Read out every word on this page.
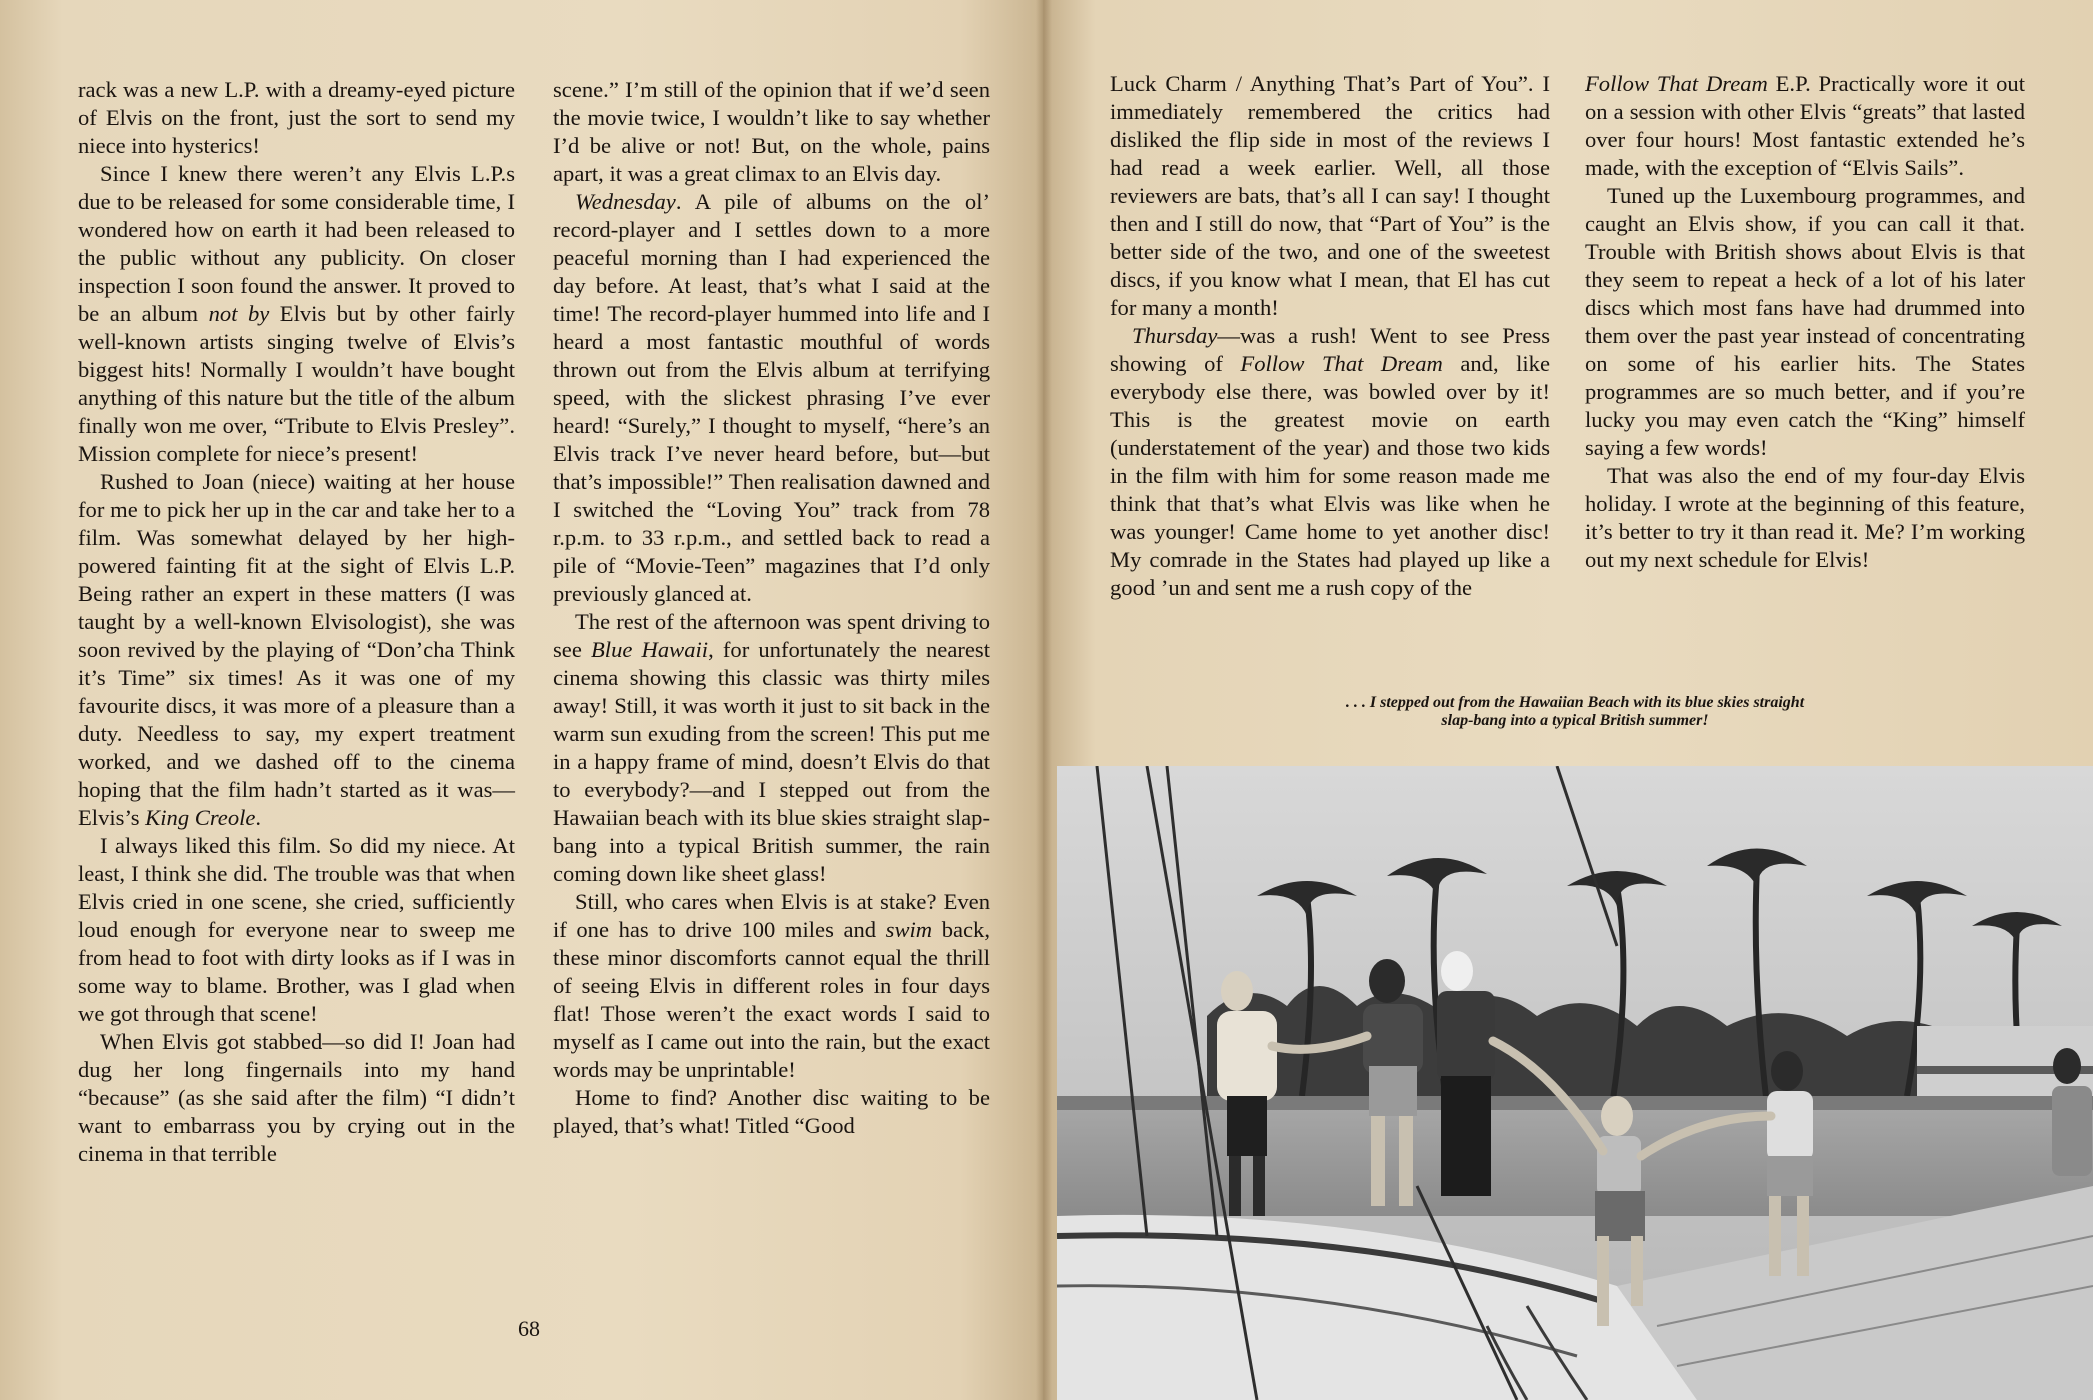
rack was a new L.P. with a dreamy-eyed picture of Elvis on the front, just the sort to send my niece into hysterics!

Since I knew there weren’t any Elvis L.P.s due to be released for some considerable time, I wondered how on earth it had been released to the public without any publicity. On closer inspection I soon found the answer. It proved to be an album not by Elvis but by other fairly well-known artists singing twelve of Elvis’s biggest hits! Normally I wouldn’t have bought anything of this nature but the title of the album finally won me over, “Tribute to Elvis Presley”. Mission complete for niece’s present!

Rushed to Joan (niece) waiting at her house for me to pick her up in the car and take her to a film. Was somewhat delayed by her high-powered fainting fit at the sight of Elvis L.P. Being rather an expert in these matters (I was taught by a well-known Elvisologist), she was soon revived by the playing of “Don’cha Think it’s Time” six times! As it was one of my favourite discs, it was more of a pleasure than a duty. Needless to say, my expert treatment worked, and we dashed off to the cinema hoping that the film hadn’t started as it was—Elvis’s King Creole.

I always liked this film. So did my niece. At least, I think she did. The trouble was that when Elvis cried in one scene, she cried, sufficiently loud enough for everyone near to sweep me from head to foot with dirty looks as if I was in some way to blame. Brother, was I glad when we got through that scene!

When Elvis got stabbed—so did I! Joan had dug her long fingernails into my hand “because” (as she said after the film) “I didn’t want to embarrass you by crying out in the cinema in that terrible

scene.” I’m still of the opinion that if we’d seen the movie twice, I wouldn’t like to say whether I’d be alive or not! But, on the whole, pains apart, it was a great climax to an Elvis day.

Wednesday. A pile of albums on the ol’ record-player and I settles down to a more peaceful morning than I had experienced the day before. At least, that’s what I said at the time! The record-player hummed into life and I heard a most fantastic mouthful of words thrown out from the Elvis album at terrifying speed, with the slickest phrasing I’ve ever heard! “Surely,” I thought to myself, “here’s an Elvis track I’ve never heard before, but—but that’s impossible!” Then realisation dawned and I switched the “Loving You” track from 78 r.p.m. to 33 r.p.m., and settled back to read a pile of “Movie-Teen” magazines that I’d only previously glanced at.

The rest of the afternoon was spent driving to see Blue Hawaii, for unfortunately the nearest cinema showing this classic was thirty miles away! Still, it was worth it just to sit back in the warm sun exuding from the screen! This put me in a happy frame of mind, doesn’t Elvis do that to everybody?—and I stepped out from the Hawaiian beach with its blue skies straight slap-bang into a typical British summer, the rain coming down like sheet glass!

Still, who cares when Elvis is at stake? Even if one has to drive 100 miles and swim back, these minor discomforts cannot equal the thrill of seeing Elvis in different roles in four days flat! Those weren’t the exact words I said to myself as I came out into the rain, but the exact words may be unprintable!

Home to find? Another disc waiting to be played, that’s what! Titled “Good

68

Luck Charm / Anything That’s Part of You”. I immediately remembered the critics had disliked the flip side in most of the reviews I had read a week earlier. Well, all those reviewers are bats, that’s all I can say! I thought then and I still do now, that “Part of You” is the better side of the two, and one of the sweetest discs, if you know what I mean, that El has cut for many a month!

Thursday—was a rush! Went to see Press showing of Follow That Dream and, like everybody else there, was bowled over by it! This is the greatest movie on earth (understatement of the year) and those two kids in the film with him for some reason made me think that that’s what Elvis was like when he was younger! Came home to yet another disc! My comrade in the States had played up like a good ’un and sent me a rush copy of the

Follow That Dream E.P. Practically wore it out on a session with other Elvis “greats” that lasted over four hours! Most fantastic extended he’s made, with the exception of “Elvis Sails”.

Tuned up the Luxembourg programmes, and caught an Elvis show, if you can call it that. Trouble with British shows about Elvis is that they seem to repeat a heck of a lot of his later discs which most fans have had drummed into them over the past year instead of concentrating on some of his earlier hits. The States programmes are so much better, and if you’re lucky you may even catch the “King” himself saying a few words!

That was also the end of my four-day Elvis holiday. I wrote at the beginning of this feature, it’s better to try it than read it. Me? I’m working out my next schedule for Elvis!

. . . I stepped out from the Hawaiian Beach with its blue skies straight slap-bang into a typical British summer!
